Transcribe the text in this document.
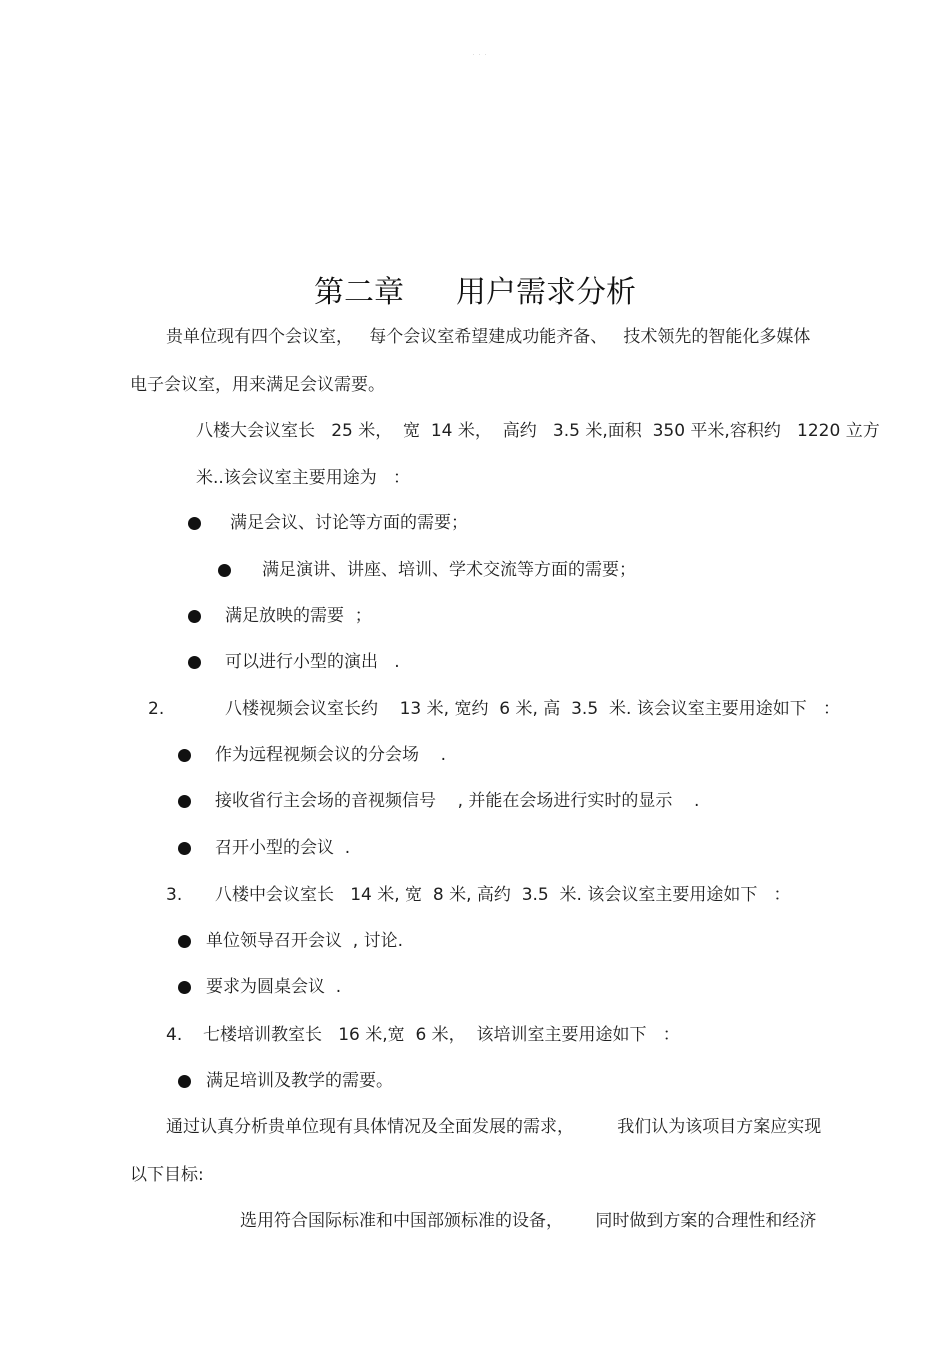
· · ·
第二章 用户需求分析
贵单位现有四个会议室，   每个会议室希望建成功能齐备、   技术领先的智能化多媒体
电子会议室，用来满足会议需要。
八楼大会议室长   25 米，  宽  14 米，  高约   3.5 米,面积  350 平米,容积约   1220 立方
米..该会议室主要用途为   ：
满足会议、讨论等方面的需要；
满足演讲、讲座、培训、学术交流等方面的需要；
满足放映的需要  ；
可以进行小型的演出   .
2.	八楼视频会议室长约    13 米, 宽约  6 米, 高  3.5  米. 该会议室主要用途如下   ：
作为远程视频会议的分会场    .
接收省行主会场的音视频信号    , 并能在会场进行实时的显示    .
召开小型的会议  .
3. 八楼中会议室长   14 米, 宽  8 米, 高约  3.5  米. 该会议室主要用途如下   ：
单位领导召开会议  , 讨论.
要求为圆桌会议  .
4. 七楼培训教室长   16 米,宽  6 米，  该培训室主要用途如下   ：
满足培训及教学的需要。
通过认真分析贵单位现有具体情况及全面发展的需求，        我们认为该项目方案应实现
以下目标:
选用符合国际标准和中国部颁标准的设备，      同时做到方案的合理性和经济
